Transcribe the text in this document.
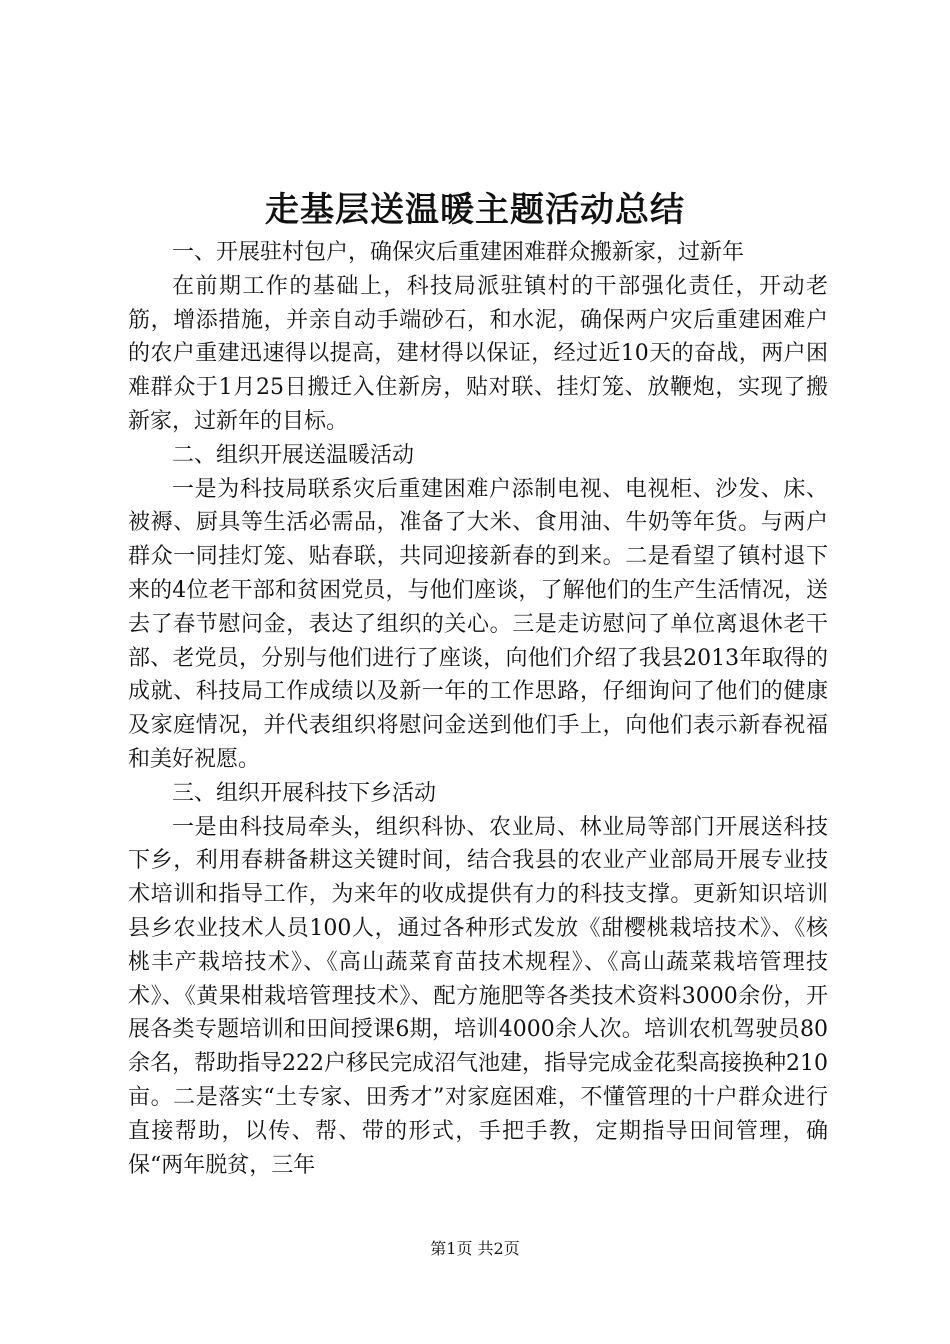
走基层送温暖主题活动总结

一、开展驻村包户，确保灾后重建困难群众搬新家，过新年

在前期工作的基础上，科技局派驻镇村的干部强化责任，开动老筋，增添措施，并亲自动手端砂石，和水泥，确保两户灾后重建困难户的农户重建迅速得以提高，建材得以保证，经过近10天的奋战，两户困难群众于1月25日搬迁入住新房，贴对联、挂灯笼、放鞭炮，实现了搬新家，过新年的目标。

二、组织开展送温暖活动

一是为科技局联系灾后重建困难户添制电视、电视柜、沙发、床、被褥、厨具等生活必需品，准备了大米、食用油、牛奶等年货。与两户群众一同挂灯笼、贴春联，共同迎接新春的到来。二是看望了镇村退下来的4位老干部和贫困党员，与他们座谈，了解他们的生产生活情况，送去了春节慰问金，表达了组织的关心。三是走访慰问了单位离退休老干部、老党员，分别与他们进行了座谈，向他们介绍了我县2013年取得的成就、科技局工作成绩以及新一年的工作思路，仔细询问了他们的健康及家庭情况，并代表组织将慰问金送到他们手上，向他们表示新春祝福和美好祝愿。

三、组织开展科技下乡活动

一是由科技局牵头，组织科协、农业局、林业局等部门开展送科技下乡，利用春耕备耕这关键时间，结合我县的农业产业部局开展专业技术培训和指导工作，为来年的收成提供有力的科技支撑。更新知识培训县乡农业技术人员100人，通过各种形式发放《甜樱桃栽培技术》、《核桃丰产栽培技术》、《高山蔬菜育苗技术规程》、《高山蔬菜栽培管理技术》、《黄果柑栽培管理技术》、配方施肥等各类技术资料3000余份，开展各类专题培训和田间授课6期，培训4000余人次。培训农机驾驶员80余名，帮助指导222户移民完成沼气池建，指导完成金花梨高接换种210亩。二是落实“土专家、田秀才”对家庭困难，不懂管理的十户群众进行直接帮助，以传、帮、带的形式，手把手教，定期指导田间管理，确保“两年脱贫，三年

第1页 共2页
